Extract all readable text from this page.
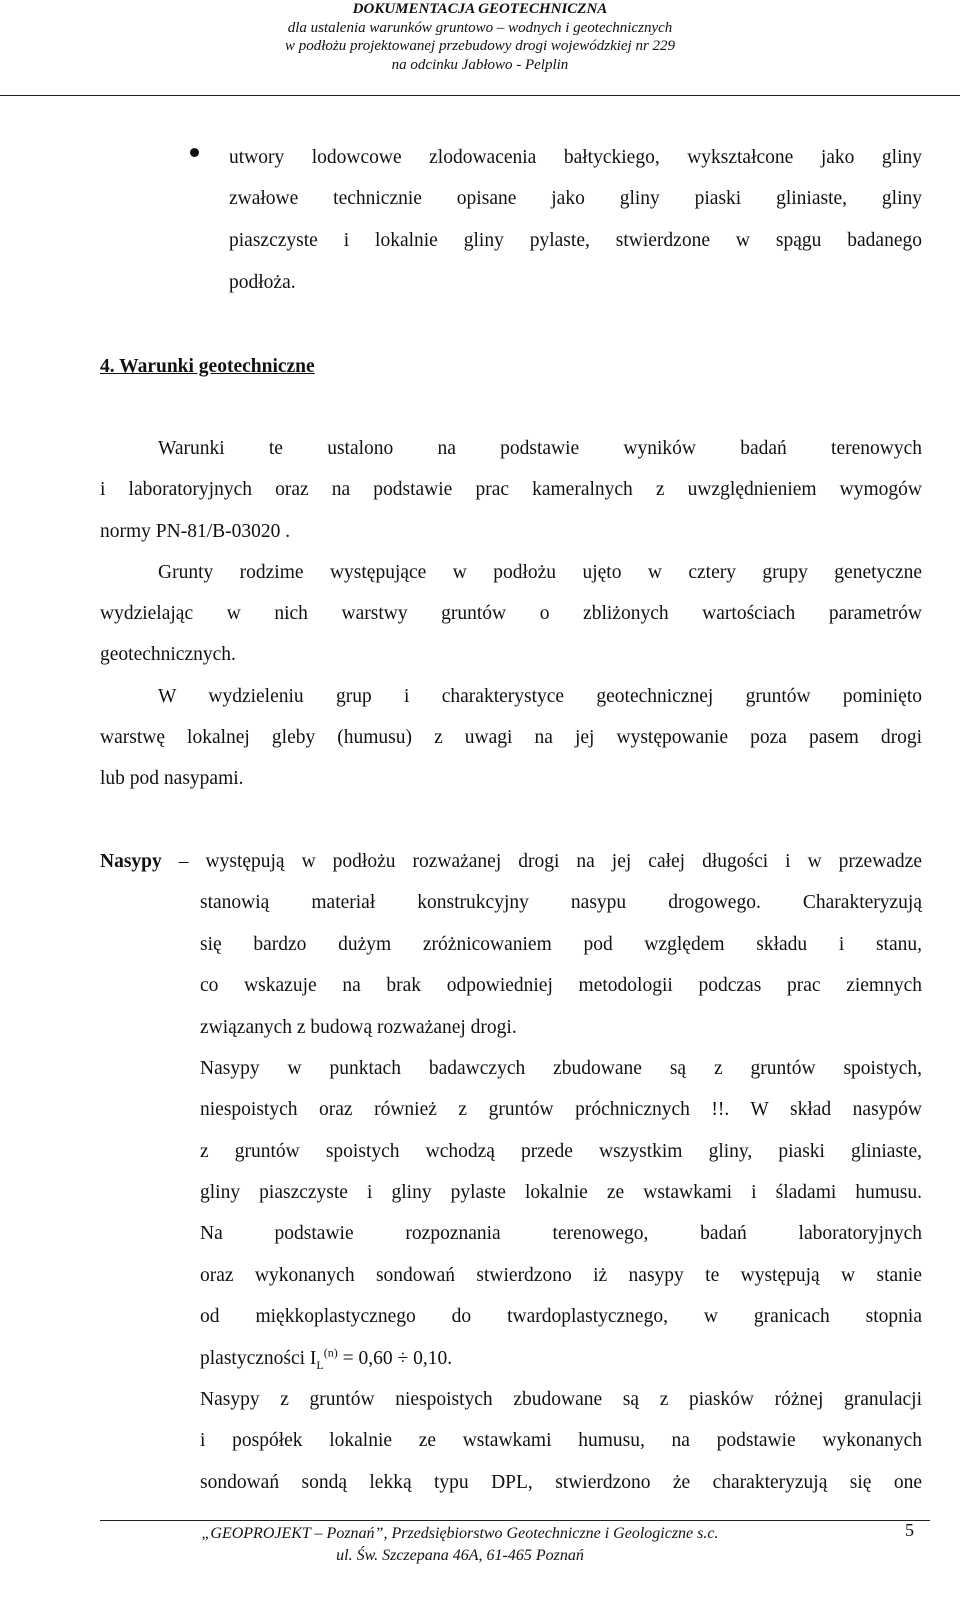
DOKUMENTACJA GEOTECHNICZNA
dla ustalenia warunków gruntowo – wodnych i geotechnicznych
w podłożu projektowanej przebudowy drogi wojewódzkiej nr 229
na odcinku Jabłowo - Pelplin
utwory lodowcowe zlodowacenia bałtyckiego, wykształcone jako gliny
zwałowe technicznie opisane jako gliny piaski gliniaste, gliny
piaszczyste i lokalnie gliny pylaste, stwierdzone w spągu badanego
podłoża.
4. Warunki geotechniczne
Warunki te ustalono na podstawie wyników badań terenowych
i laboratoryjnych oraz na podstawie prac kameralnych z uwzględnieniem wymogów
normy PN-81/B-03020 .
Grunty rodzime występujące w podłożu ujęto w cztery grupy genetyczne
wydzielając w nich warstwy gruntów o zbliżonych wartościach parametrów
geotechnicznych.
W wydzieleniu grup i charakterystyce geotechnicznej gruntów pominięto
warstwę lokalnej gleby (humusu) z uwagi na jej występowanie poza pasem drogi
lub pod nasypami.
Nasypy – występują w podłożu rozważanej drogi na jej całej długości i w przewadze
stanowią materiał konstrukcyjny nasypu drogowego. Charakteryzują
się bardzo dużym zróżnicowaniem pod względem składu i stanu,
co wskazuje na brak odpowiedniej metodologii podczas prac ziemnych
związanych z budową rozważanej drogi.
Nasypy w punktach badawczych zbudowane są z gruntów spoistych,
niespoistych oraz również z gruntów próchnicznych !!. W skład nasypów
z gruntów spoistych wchodzą przede wszystkim gliny, piaski gliniaste,
gliny piaszczyste i gliny pylaste lokalnie ze wstawkami i śladami humusu.
Na podstawie rozpoznania terenowego, badań laboratoryjnych
oraz wykonanych sondowań stwierdzono iż nasypy te występują w stanie
od miękkoplastycznego do twardoplastycznego, w granicach stopnia
plastyczności $I_L^{(n)} = 0,60 \div 0,10$.
Nasypy z gruntów niespoistych zbudowane są z piasków różnej granulacji
i pospółek lokalnie ze wstawkami humusu, na podstawie wykonanych
sondowań sondą lekką typu DPL, stwierdzono że charakteryzują się one
„GEOPROJEKT – Poznań”, Przedsiębiorstwo Geotechniczne i Geologiczne s.c.
ul. Św. Szczepana 46A, 61-465 Poznań
5
